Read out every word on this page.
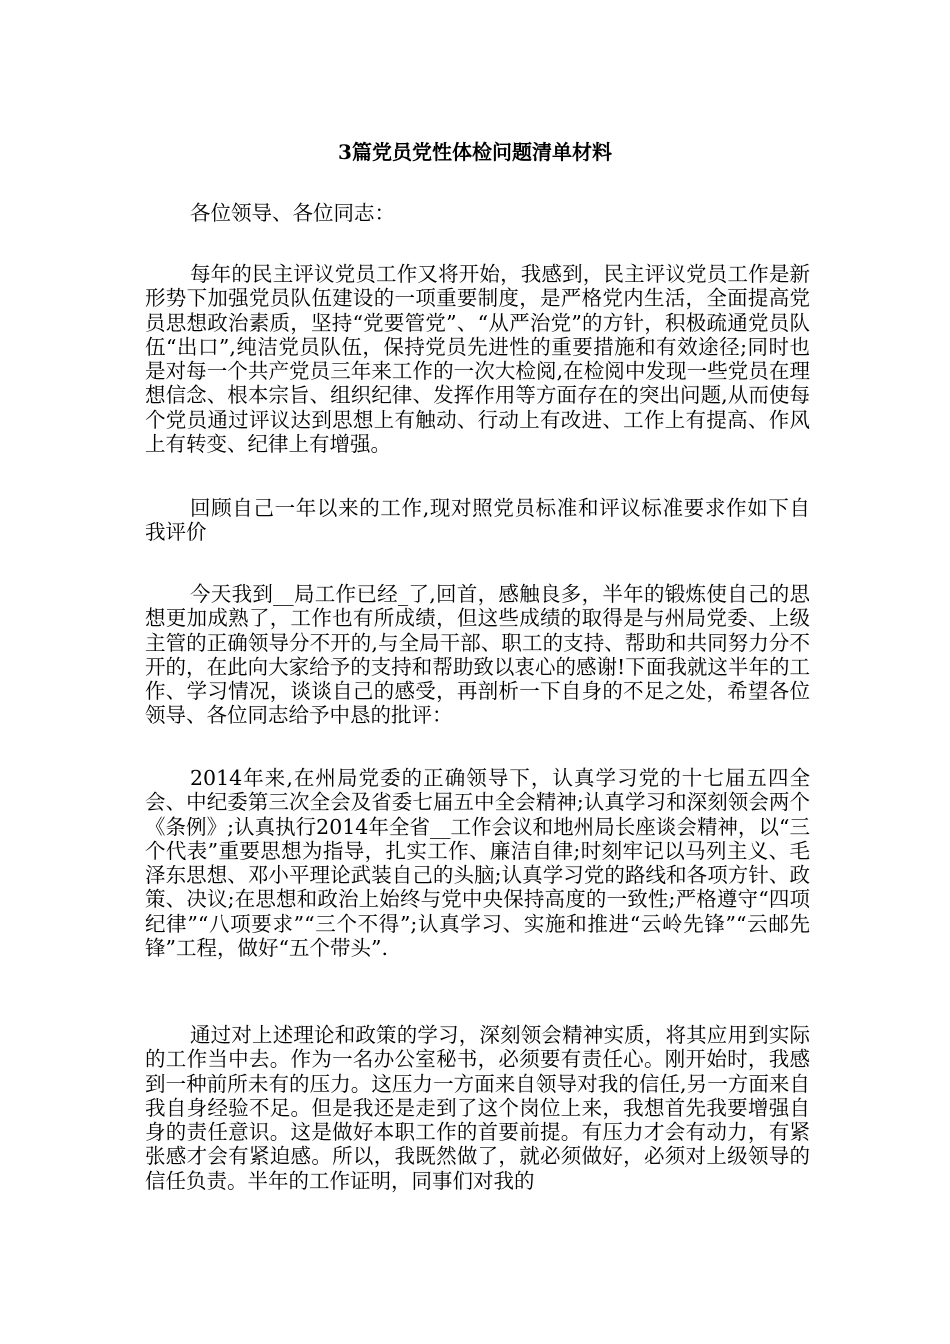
3篇党员党性体检问题清单材料

各位领导、各位同志：

每年的民主评议党员工作又将开始，我感到，民主评议党员工作是新形势下加强党员队伍建设的一项重要制度，是严格党内生活，全面提高党员思想政治素质，坚持“党要管党”、“从严治党”的方针，积极疏通党员队伍“出口”,纯洁党员队伍，保持党员先进性的重要措施和有效途径;同时也是对每一个共产党员三年来工作的一次大检阅,在检阅中发现一些党员在理想信念、根本宗旨、组织纪律、发挥作用等方面存在的突出问题,从而使每个党员通过评议达到思想上有触动、行动上有改进、工作上有提高、作风上有转变、纪律上有增强。

回顾自己一年以来的工作,现对照党员标准和评议标准要求作如下自我评价

今天我到__局工作已经_了,回首，感触良多，半年的锻炼使自己的思想更加成熟了，工作也有所成绩，但这些成绩的取得是与州局党委、上级主管的正确领导分不开的,与全局干部、职工的支持、帮助和共同努力分不开的，在此向大家给予的支持和帮助致以衷心的感谢!下面我就这半年的工作、学习情况，谈谈自己的感受，再剖析一下自身的不足之处，希望各位领导、各位同志给予中恳的批评：

2014年来,在州局党委的正确领导下，认真学习党的十七届五四全会、中纪委第三次全会及省委七届五中全会精神;认真学习和深刻领会两个《条例》;认真执行2014年全省__工作会议和地州局长座谈会精神，以“三个代表”重要思想为指导，扎实工作、廉洁自律;时刻牢记以马列主义、毛泽东思想、邓小平理论武装自己的头脑;认真学习党的路线和各项方针、政策、决议;在思想和政治上始终与党中央保持高度的一致性;严格遵守“四项纪律”“八项要求”“三个不得”;认真学习、实施和推进“云岭先锋”“云邮先锋”工程，做好“五个带头”.

通过对上述理论和政策的学习，深刻领会精神实质，将其应用到实际的工作当中去。作为一名办公室秘书，必须要有责任心。刚开始时，我感到一种前所未有的压力。这压力一方面来自领导对我的信任,另一方面来自我自身经验不足。但是我还是走到了这个岗位上来，我想首先我要增强自身的责任意识。这是做好本职工作的首要前提。有压力才会有动力，有紧张感才会有紧迫感。所以，我既然做了，就必须做好，必须对上级领导的信任负责。半年的工作证明，同事们对我的
